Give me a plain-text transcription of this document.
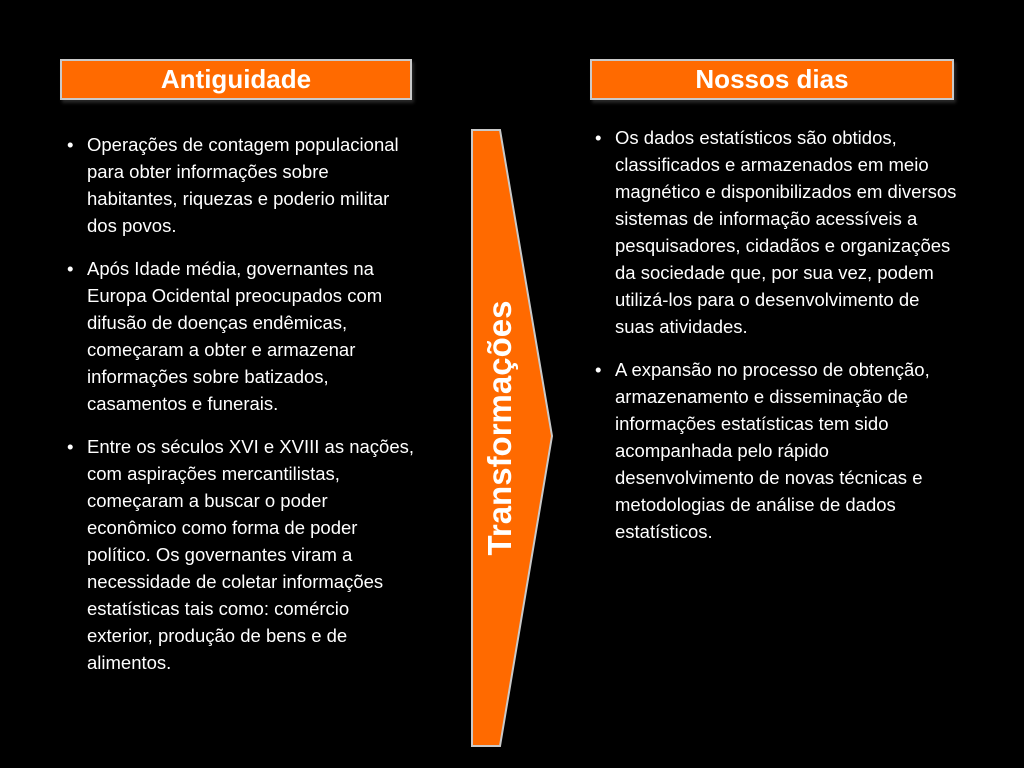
Antiguidade	Nossos dias
• Operações de contagem populacional para obter informações sobre habitantes, riquezas e poderio militar dos povos.
• Após Idade média, governantes na Europa Ocidental preocupados com difusão de doenças endêmicas, começaram a obter e armazenar informações sobre batizados, casamentos e funerais.
• Entre os séculos XVI e XVIII as nações, com aspirações mercantilistas, começaram a buscar o poder econômico como forma de poder político. Os governantes viram a necessidade de coletar informações estatísticas tais como: comércio exterior, produção de bens e de alimentos.
Transformações
• Os dados estatísticos são obtidos, classificados e armazenados em meio magnético e disponibilizados em diversos sistemas de informação acessíveis a pesquisadores, cidadãos e organizações da sociedade que, por sua vez, podem utilizá-los para o desenvolvimento de suas atividades.
• A expansão no processo de obtenção, armazenamento e disseminação de informações estatísticas tem sido acompanhada pelo rápido desenvolvimento de novas técnicas e metodologias de análise de dados estatísticos.
